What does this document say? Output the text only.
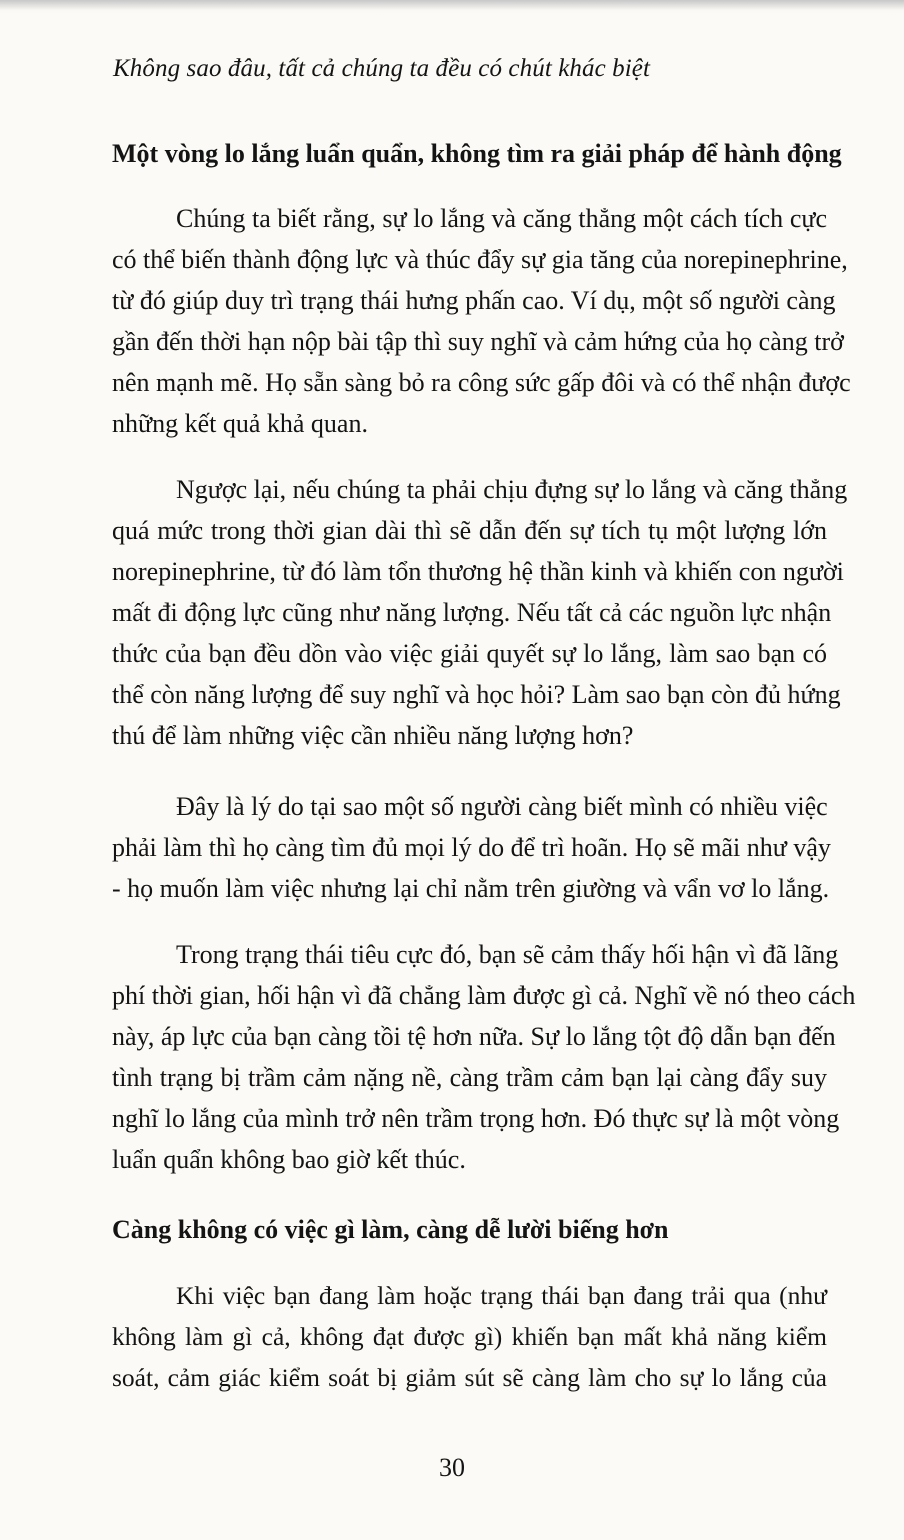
Không sao đâu, tất cả chúng ta đều có chút khác biệt

Một vòng lo lắng luẩn quẩn, không tìm ra giải pháp để hành động
Chúng ta biết rằng, sự lo lắng và căng thẳng một cách tích cực
có thể biến thành động lực và thúc đẩy sự gia tăng của norepinephrine,
từ đó giúp duy trì trạng thái hưng phấn cao. Ví dụ, một số người càng
gần đến thời hạn nộp bài tập thì suy nghĩ và cảm hứng của họ càng trở
nên mạnh mẽ. Họ sẵn sàng bỏ ra công sức gấp đôi và có thể nhận được
những kết quả khả quan.
Ngược lại, nếu chúng ta phải chịu đựng sự lo lắng và căng thẳng
quá mức trong thời gian dài thì sẽ dẫn đến sự tích tụ một lượng lớn
norepinephrine, từ đó làm tổn thương hệ thần kinh và khiến con người
mất đi động lực cũng như năng lượng. Nếu tất cả các nguồn lực nhận
thức của bạn đều dồn vào việc giải quyết sự lo lắng, làm sao bạn có
thể còn năng lượng để suy nghĩ và học hỏi? Làm sao bạn còn đủ hứng
thú để làm những việc cần nhiều năng lượng hơn?
Đây là lý do tại sao một số người càng biết mình có nhiều việc
phải làm thì họ càng tìm đủ mọi lý do để trì hoãn. Họ sẽ mãi như vậy
- họ muốn làm việc nhưng lại chỉ nằm trên giường và vẩn vơ lo lắng.
Trong trạng thái tiêu cực đó, bạn sẽ cảm thấy hối hận vì đã lãng
phí thời gian, hối hận vì đã chẳng làm được gì cả. Nghĩ về nó theo cách
này, áp lực của bạn càng tồi tệ hơn nữa. Sự lo lắng tột độ dẫn bạn đến
tình trạng bị trầm cảm nặng nề, càng trầm cảm bạn lại càng đẩy suy
nghĩ lo lắng của mình trở nên trầm trọng hơn. Đó thực sự là một vòng
luẩn quẩn không bao giờ kết thúc.
Càng không có việc gì làm, càng dễ lười biếng hơn
Khi việc bạn đang làm hoặc trạng thái bạn đang trải qua (như
không làm gì cả, không đạt được gì) khiến bạn mất khả năng kiểm
soát, cảm giác kiểm soát bị giảm sút sẽ càng làm cho sự lo lắng của

30
